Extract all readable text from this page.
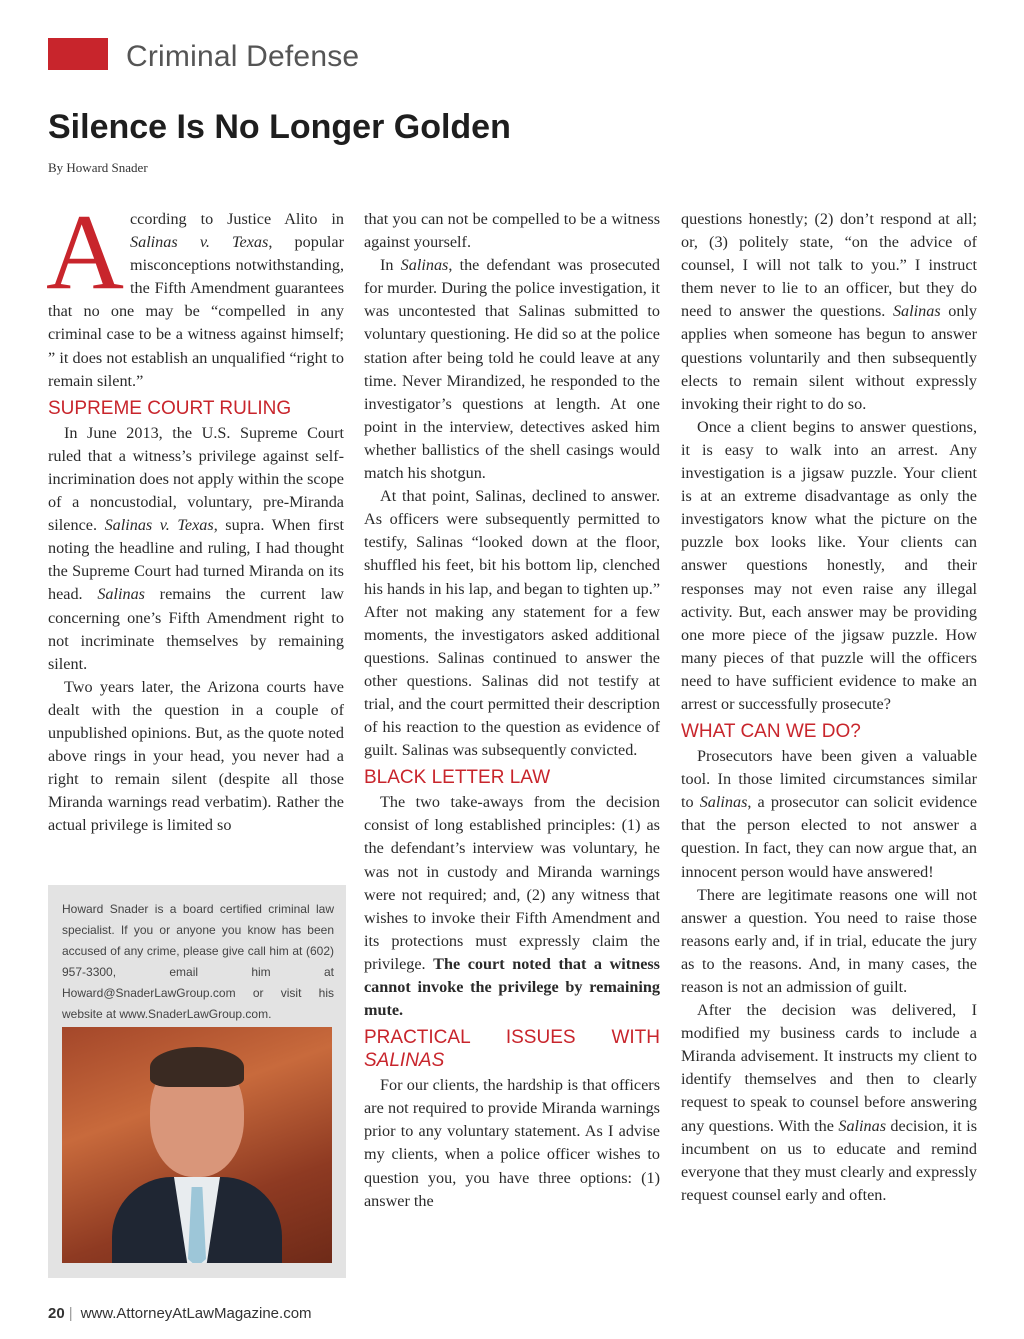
Criminal Defense
Silence Is No Longer Golden
By Howard Snader

According to Justice Alito in Salinas v. Texas, popular misconceptions notwithstanding, the Fifth Amendment guarantees that no one may be “compelled in any criminal case to be a witness against himself; ” it does not establish an unqualified “right to remain silent.”

SUPREME COURT RULING

In June 2013, the U.S. Supreme Court ruled that a witness’s privilege against self-incrimination does not apply within the scope of a noncustodial, voluntary, pre-Miranda silence. Salinas v. Texas, supra. When first noting the headline and ruling, I had thought the Supreme Court had turned Miranda on its head. Salinas remains the current law concerning one’s Fifth Amendment right to not incriminate themselves by remaining silent.

Two years later, the Arizona courts have dealt with the question in a couple of unpublished opinions. But, as the quote noted above rings in your head, you never had a right to remain silent (despite all those Miranda warnings read verbatim). Rather the actual privilege is limited so

Howard Snader is a board certified criminal law specialist. If you or anyone you know has been accused of any crime, please give call him at (602) 957-3300, email him at Howard@SnaderLawGroup.com or visit his website at www.SnaderLawGroup.com.

that you can not be compelled to be a witness against yourself.

In Salinas, the defendant was prosecuted for murder. During the police investigation, it was uncontested that Salinas submitted to voluntary questioning. He did so at the police station after being told he could leave at any time. Never Mirandized, he responded to the investigator’s questions at length. At one point in the interview, detectives asked him whether ballistics of the shell casings would match his shotgun.

At that point, Salinas, declined to answer. As officers were subsequently permitted to testify, Salinas “looked down at the floor, shuffled his feet, bit his bottom lip, clenched his hands in his lap, and began to tighten up.” After not making any statement for a few moments, the investigators asked additional questions. Salinas continued to answer the other questions. Salinas did not testify at trial, and the court permitted their description of his reaction to the question as evidence of guilt. Salinas was subsequently convicted.

BLACK LETTER LAW

The two take-aways from the decision consist of long established principles: (1) as the defendant’s interview was voluntary, he was not in custody and Miranda warnings were not required; and, (2) any witness that wishes to invoke their Fifth Amendment and its protections must expressly claim the privilege. The court noted that a witness cannot invoke the privilege by remaining mute.

PRACTICAL ISSUES WITH
SALINAS

For our clients, the hardship is that officers are not required to provide Miranda warnings prior to any voluntary statement. As I advise my clients, when a police officer wishes to question you, you have three options: (1) answer the

questions honestly; (2) don’t respond at all; or, (3) politely state, “on the advice of counsel, I will not talk to you.” I instruct them never to lie to an officer, but they do need to answer the questions. Salinas only applies when someone has begun to answer questions voluntarily and then subsequently elects to remain silent without expressly invoking their right to do so.

Once a client begins to answer questions, it is easy to walk into an arrest. Any investigation is a jigsaw puzzle. Your client is at an extreme disadvantage as only the investigators know what the picture on the puzzle box looks like. Your clients can answer questions honestly, and their responses may not even raise any illegal activity. But, each answer may be providing one more piece of the jigsaw puzzle. How many pieces of that puzzle will the officers need to have sufficient evidence to make an arrest or successfully prosecute?

WHAT CAN WE DO?

Prosecutors have been given a valuable tool. In those limited circumstances similar to Salinas, a prosecutor can solicit evidence that the person elected to not answer a question. In fact, they can now argue that, an innocent person would have answered!

There are legitimate reasons one will not answer a question. You need to raise those reasons early and, if in trial, educate the jury as to the reasons. And, in many cases, the reason is not an admission of guilt.

After the decision was delivered, I modified my business cards to include a Miranda advisement. It instructs my client to identify themselves and then to clearly request to speak to counsel before answering any questions. With the Salinas decision, it is incumbent on us to educate and remind everyone that they must clearly and expressly request counsel early and often.

20 | www.AttorneyAtLawMagazine.com
